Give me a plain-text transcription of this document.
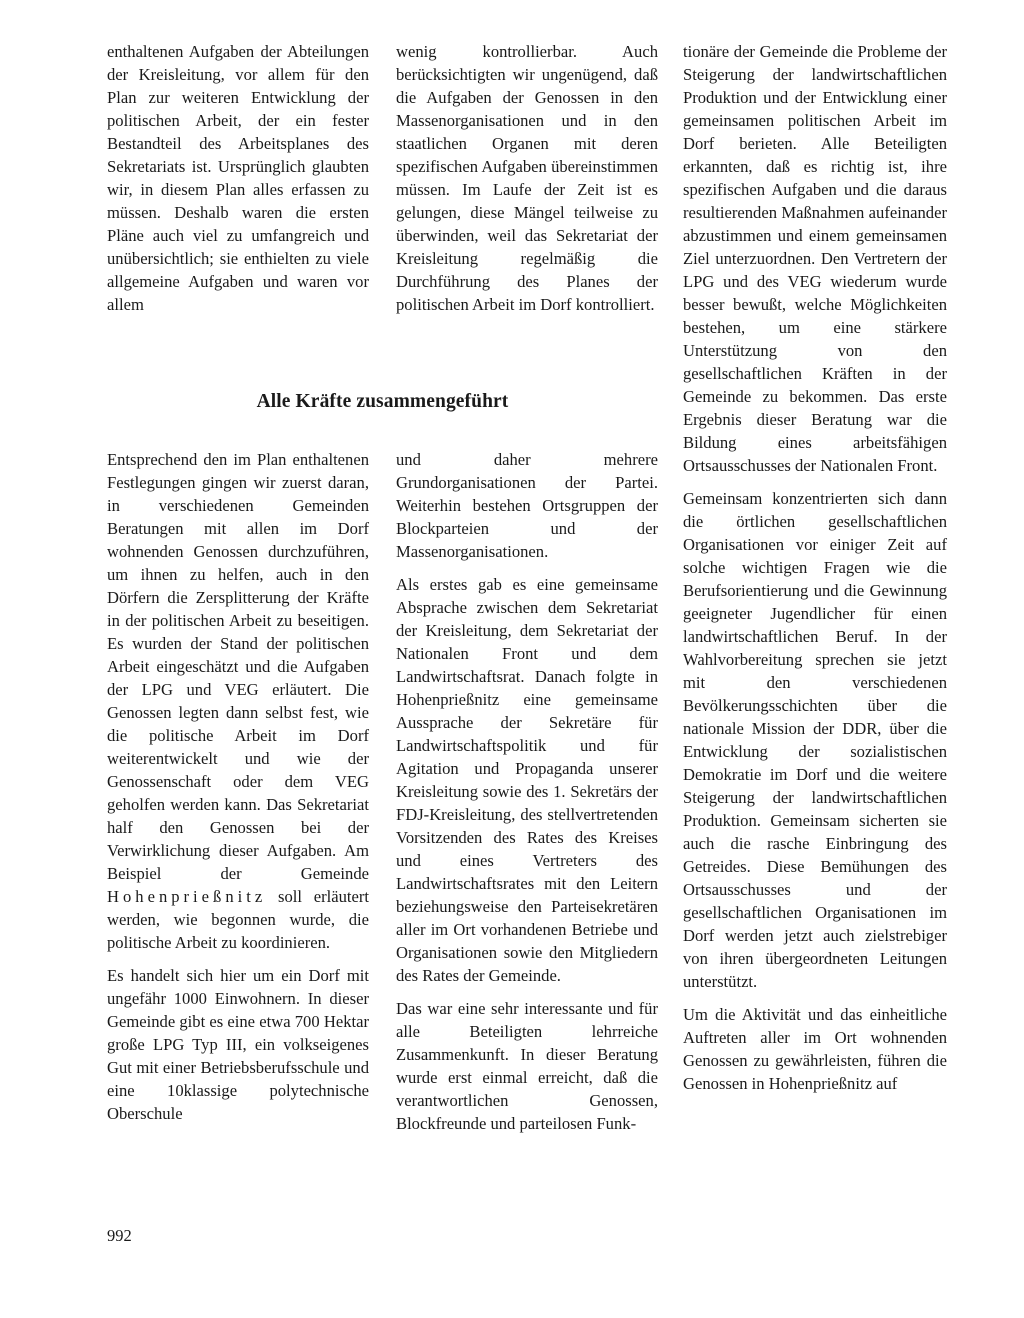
enthaltenen Aufgaben der Abteilungen der Kreisleitung, vor allem für den Plan zur weiteren Entwicklung der politischen Arbeit, der ein fester Bestandteil des Arbeitsplanes des Sekretariats ist. Ursprünglich glaubten wir, in diesem Plan alles erfassen zu müssen. Deshalb waren die ersten Pläne auch viel zu umfangreich und unübersichtlich; sie enthielten zu viele allgemeine Aufgaben und waren vor allem

wenig kontrollierbar. Auch berücksichtigten wir ungenügend, daß die Aufgaben der Genossen in den Massenorganisationen und in den staatlichen Organen mit deren spezifischen Aufgaben übereinstimmen müssen. Im Laufe der Zeit ist es gelungen, diese Mängel teilweise zu überwinden, weil das Sekretariat der Kreisleitung regelmäßig die Durchführung des Planes der politischen Arbeit im Dorf kontrolliert.

Alle Kräfte zusammengeführt

Entsprechend den im Plan enthaltenen Festlegungen gingen wir zuerst daran, in verschiedenen Gemeinden Beratungen mit allen im Dorf wohnenden Genossen durchzuführen, um ihnen zu helfen, auch in den Dörfern die Zersplitterung der Kräfte in der politischen Arbeit zu beseitigen. Es wurden der Stand der politischen Arbeit eingeschätzt und die Aufgaben der LPG und VEG erläutert. Die Genossen legten dann selbst fest, wie die politische Arbeit im Dorf weiterentwickelt und wie der Genossenschaft oder dem VEG geholfen werden kann. Das Sekretariat half den Genossen bei der Verwirklichung dieser Aufgaben. Am Beispiel der Gemeinde Hohenprießnitz soll erläutert werden, wie begonnen wurde, die politische Arbeit zu koordinieren.

Es handelt sich hier um ein Dorf mit ungefähr 1000 Einwohnern. In dieser Gemeinde gibt es eine etwa 700 Hektar große LPG Typ III, ein volkseigenes Gut mit einer Betriebsberufsschule und eine 10klassige polytechnische Oberschule

und daher mehrere Grundorganisationen der Partei. Weiterhin bestehen Ortsgruppen der Blockparteien und der Massenorganisationen.

Als erstes gab es eine gemeinsame Absprache zwischen dem Sekretariat der Kreisleitung, dem Sekretariat der Nationalen Front und dem Landwirtschaftsrat. Danach folgte in Hohenprießnitz eine gemeinsame Aussprache der Sekretäre für Landwirtschaftspolitik und für Agitation und Propaganda unserer Kreisleitung sowie des 1. Sekretärs der FDJ-Kreisleitung, des stellvertretenden Vorsitzenden des Rates des Kreises und eines Vertreters des Landwirtschaftsrates mit den Leitern beziehungsweise den Parteisekretären aller im Ort vorhandenen Betriebe und Organisationen sowie den Mitgliedern des Rates der Gemeinde.

Das war eine sehr interessante und für alle Beteiligten lehrreiche Zusammenkunft. In dieser Beratung wurde erst einmal erreicht, daß die verantwortlichen Genossen, Blockfreunde und parteilosen Funk-

tionäre der Gemeinde die Probleme der Steigerung der landwirtschaftlichen Produktion und der Entwicklung einer gemeinsamen politischen Arbeit im Dorf berieten. Alle Beteiligten erkannten, daß es richtig ist, ihre spezifischen Aufgaben und die daraus resultierenden Maßnahmen aufeinander abzustimmen und einem gemeinsamen Ziel unterzuordnen. Den Vertretern der LPG und des VEG wiederum wurde besser bewußt, welche Möglichkeiten bestehen, um eine stärkere Unterstützung von den gesellschaftlichen Kräften in der Gemeinde zu bekommen. Das erste Ergebnis dieser Beratung war die Bildung eines arbeitsfähigen Ortsausschusses der Nationalen Front.

Gemeinsam konzentrierten sich dann die örtlichen gesellschaftlichen Organisationen vor einiger Zeit auf solche wichtigen Fragen wie die Berufsorientierung und die Gewinnung geeigneter Jugendlicher für einen landwirtschaftlichen Beruf. In der Wahlvorbereitung sprechen sie jetzt mit den verschiedenen Bevölkerungsschichten über die nationale Mission der DDR, über die Entwicklung der sozialistischen Demokratie im Dorf und die weitere Steigerung der landwirtschaftlichen Produktion. Gemeinsam sicherten sie auch die rasche Einbringung des Getreides. Diese Bemühungen des Ortsausschusses und der gesellschaftlichen Organisationen im Dorf werden jetzt auch zielstrebiger von ihren übergeordneten Leitungen unterstützt.

Um die Aktivität und das einheitliche Auftreten aller im Ort wohnenden Genossen zu gewährleisten, führen die Genossen in Hohenprießnitz auf

992
